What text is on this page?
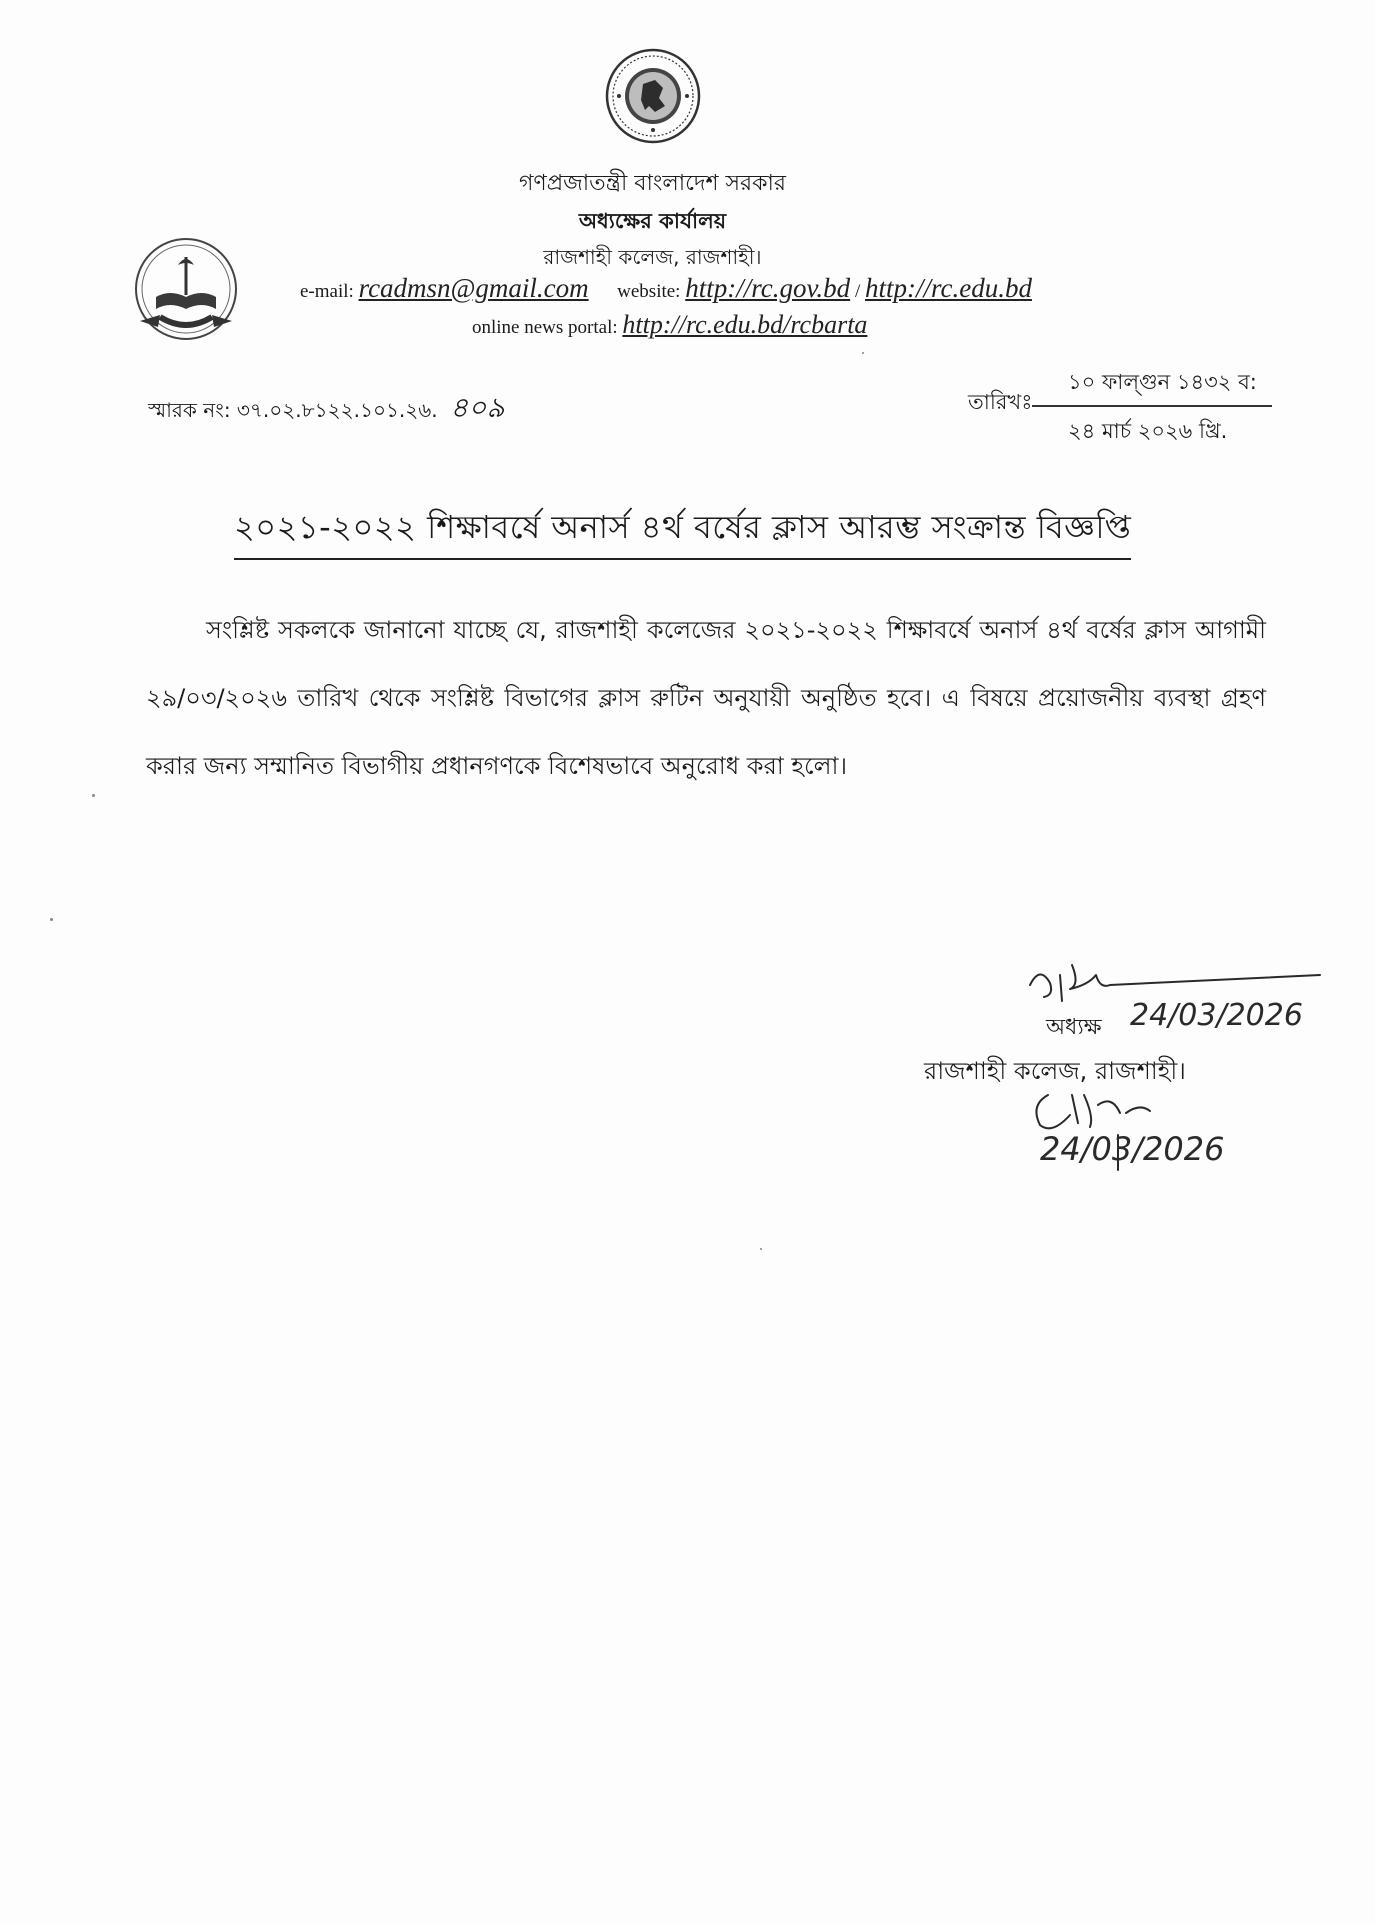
গণপ্রজাতন্ত্রী বাংলাদেশ সরকার
অধ্যক্ষের কার্যালয়
রাজশাহী কলেজ, রাজশাহী।
e-mail: rcadmsn@gmail.com website: http://rc.gov.bd / http://rc.edu.bd
online news portal: http://rc.edu.bd/rcbarta
স্মারক নং: ৩৭.০২.৮১২২.১০১.২৬. ৪০৯	তারিখঃ
১০ ফাল্গুন ১৪৩২ ব:
২৪ মার্চ ২০২৬ খ্রি.
২০২১-২০২২ শিক্ষাবর্ষে অনার্স ৪র্থ বর্ষের ক্লাস আরম্ভ সংক্রান্ত বিজ্ঞপ্তি

সংশ্লিষ্ট সকলকে জানানো যাচ্ছে যে, রাজশাহী কলেজের ২০২১-২০২২ শিক্ষাবর্ষে অনার্স ৪র্থ বর্ষের ক্লাস আগামী ২৯/০৩/২০২৬ তারিখ থেকে সংশ্লিষ্ট বিভাগের ক্লাস রুটিন অনুযায়ী অনুষ্ঠিত হবে। এ বিষয়ে প্রয়োজনীয় ব্যবস্থা গ্রহণ করার জন্য সম্মানিত বিভাগীয় প্রধানগণকে বিশেষভাবে অনুরোধ করা হলো।

24/03/2026
24/03/2026
অধ্যক্ষ
রাজশাহী কলেজ, রাজশাহী।
